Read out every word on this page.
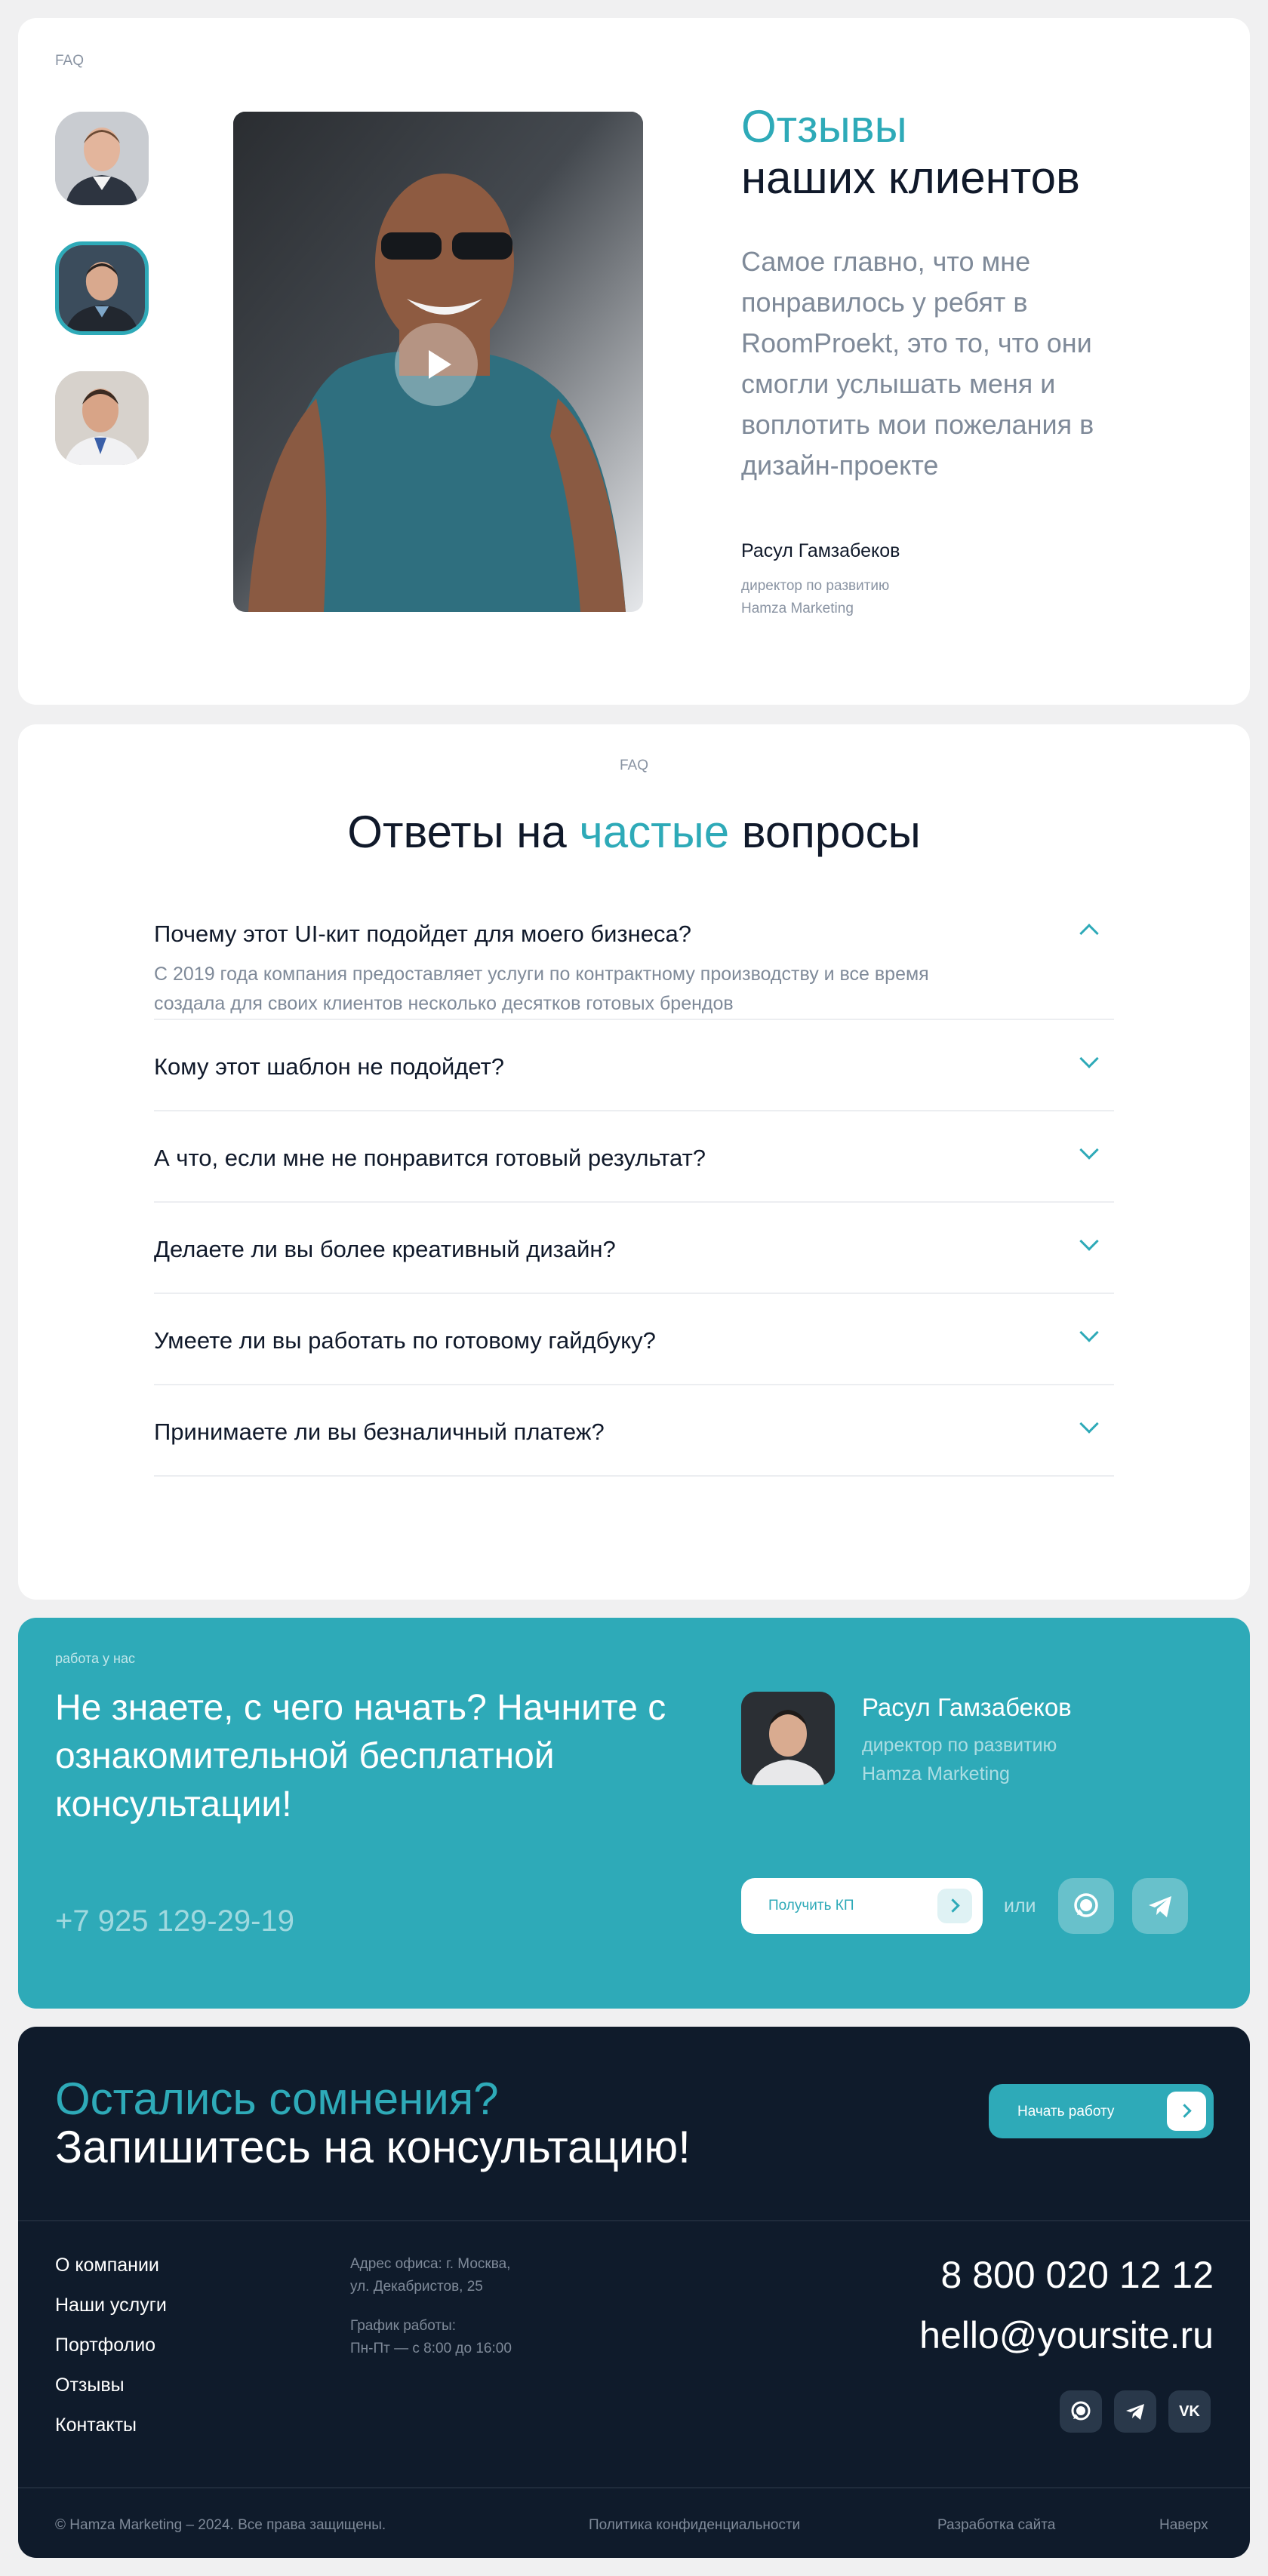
FAQ
Отзывы
наших клиентов
Самое главно, что мне понравилось у ребят в RoomProekt, это то, что они смогли услышать меня и воплотить мои пожелания в дизайн-проекте
Расул Гамзабеков
директор по развитию
Hamza Marketing
FAQ
Ответы на частые вопросы
Почему этот UI-кит подойдет для моего бизнеса?
С 2019 года компания предоставляет услуги по контрактному производству и все время создала для своих клиентов несколько десятков готовых брендов
Кому этот шаблон не подойдет?
А что, если мне не понравится готовый результат?
Делаете ли вы более креативный дизайн?
Умеете ли вы работать по готовому гайдбуку?
Принимаете ли вы безналичный платеж?
работа у нас
Не знаете, с чего начать? Начните с ознакомительной бесплатной консультации!
+7 925 129-29-19
Расул Гамзабеков
директор по развитию
Hamza Marketing
Получить КП	или
Остались сомнения?
Запишитесь на консультацию!
Начать работу
О компании
Наши услуги
Портфолио
Отзывы
Контакты
Адрес офиса: г. Москва,
ул. Декабристов, 25
График работы:
Пн-Пт — с 8:00 до 16:00
8 800 020 12 12
hello@yoursite.ru
VK
© Hamza Marketing – 2024. Все права защищены.	Политика конфиденциальности	Разработка сайта	Наверх
